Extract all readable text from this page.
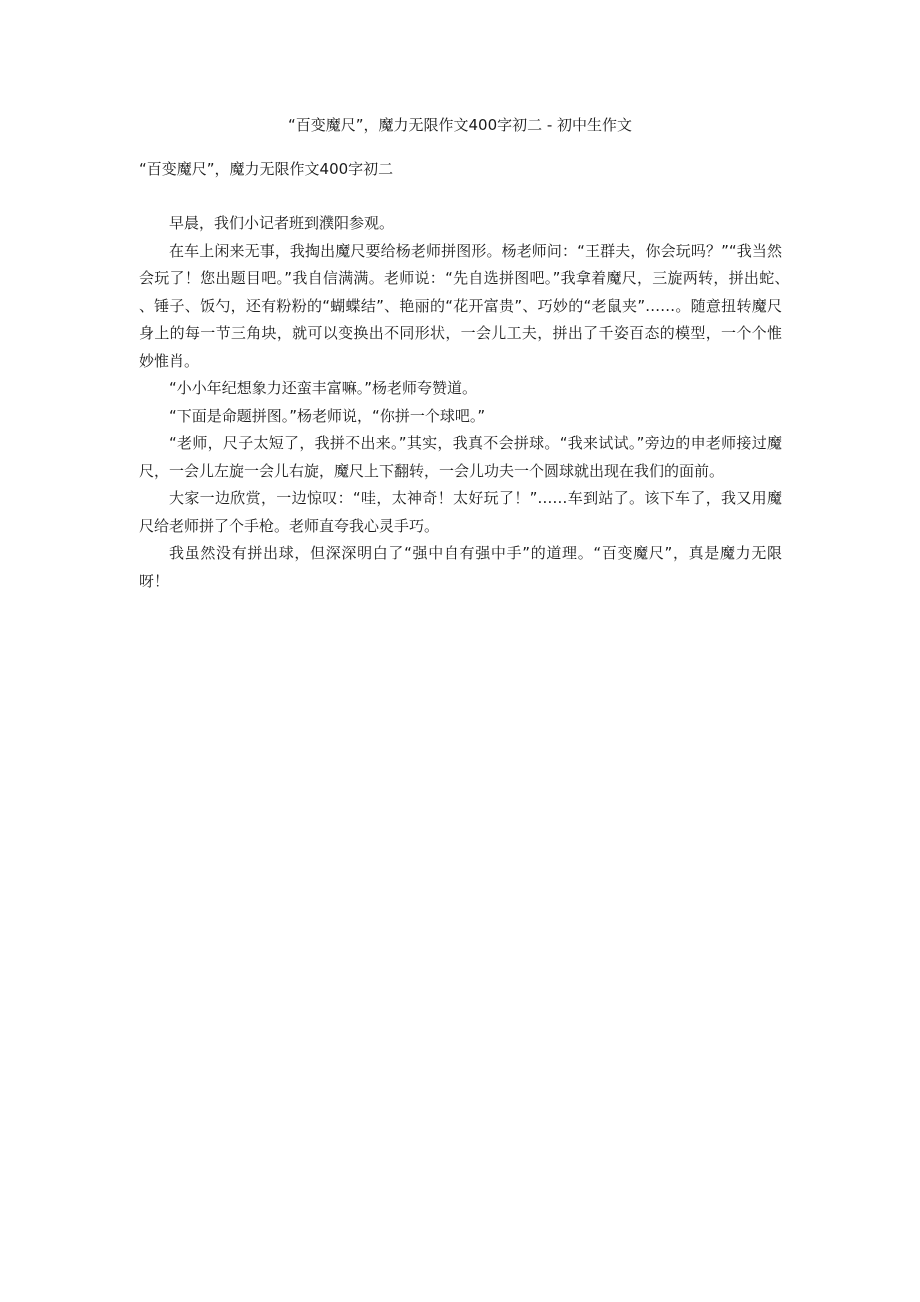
“百变魔尺”，魔力无限作文400字初二 - 初中生作文
“百变魔尺”，魔力无限作文400字初二

早晨，我们小记者班到濮阳参观。

在车上闲来无事，我掏出魔尺要给杨老师拼图形。杨老师问：“王群夫，你会玩吗？”“我当然会玩了！您出题目吧。”我自信满满。老师说：“先自选拼图吧。”我拿着魔尺，三旋两转，拼出蛇、　　、锤子、饭勺，还有粉粉的“蝴蝶结”、艳丽的“花开富贵”、巧妙的“老鼠夹”……。随意扭转魔尺身上的每一节三角块，就可以变换出不同形状，一会儿工夫，拼出了千姿百态的模型，一个个惟妙惟肖。

“小小年纪想象力还蛮丰富嘛。”杨老师夸赞道。

“下面是命题拼图。”杨老师说，“你拼一个球吧。”

“老师，尺子太短了，我拼不出来。”其实，我真不会拼球。“我来试试。”旁边的申老师接过魔尺，一会儿左旋一会儿右旋，魔尺上下翻转，一会儿功夫一个圆球就出现在我们的面前。

大家一边欣赏，一边惊叹：“哇，太神奇！太好玩了！”……车到站了。该下车了，我又用魔尺给老师拼了个手枪。老师直夸我心灵手巧。

我虽然没有拼出球，但深深明白了“强中自有强中手”的道理。“百变魔尺”，真是魔力无限呀！
